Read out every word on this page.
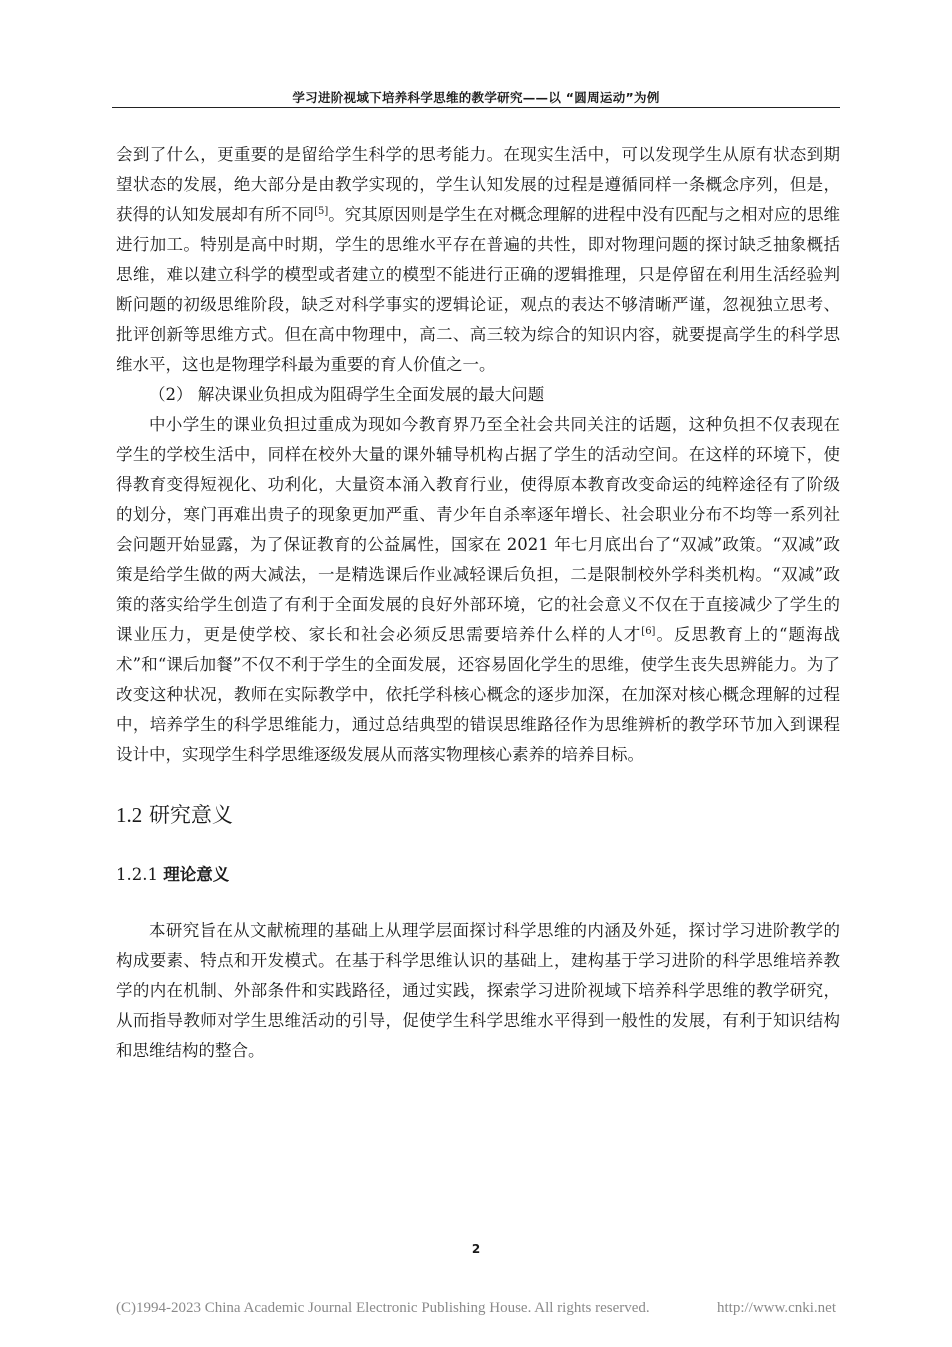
学习进阶视域下培养科学思维的教学研究——以 “圆周运动”为例

会到了什么，更重要的是留给学生科学的思考能力。在现实生活中，可以发现学生从原有状态到期望状态的发展，绝大部分是由教学实现的，学生认知发展的过程是遵循同样一条概念序列，但是，获得的认知发展却有所不同[5]。究其原因则是学生在对概念理解的进程中没有匹配与之相对应的思维进行加工。特别是高中时期，学生的思维水平存在普遍的共性，即对物理问题的探讨缺乏抽象概括思维，难以建立科学的模型或者建立的模型不能进行正确的逻辑推理，只是停留在利用生活经验判断问题的初级思维阶段，缺乏对科学事实的逻辑论证，观点的表达不够清晰严谨，忽视独立思考、批评创新等思维方式。但在高中物理中，高二、高三较为综合的知识内容，就要提高学生的科学思维水平，这也是物理学科最为重要的育人价值之一。

（2） 解决课业负担成为阻碍学生全面发展的最大问题

中小学生的课业负担过重成为现如今教育界乃至全社会共同关注的话题，这种负担不仅表现在学生的学校生活中，同样在校外大量的课外辅导机构占据了学生的活动空间。在这样的环境下，使得教育变得短视化、功利化，大量资本涌入教育行业，使得原本教育改变命运的纯粹途径有了阶级的划分，寒门再难出贵子的现象更加严重、青少年自杀率逐年增长、社会职业分布不均等一系列社会问题开始显露，为了保证教育的公益属性，国家在 2021 年七月底出台了“双减”政策。“双减”政策是给学生做的两大减法，一是精选课后作业减轻课后负担，二是限制校外学科类机构。“双减”政策的落实给学生创造了有利于全面发展的良好外部环境，它的社会意义不仅在于直接减少了学生的课业压力，更是使学校、家长和社会必须反思需要培养什么样的人才[6]。反思教育上的“题海战术”和“课后加餐”不仅不利于学生的全面发展，还容易固化学生的思维，使学生丧失思辨能力。为了改变这种状况，教师在实际教学中，依托学科核心概念的逐步加深，在加深对核心概念理解的过程中，培养学生的科学思维能力，通过总结典型的错误思维路径作为思维辨析的教学环节加入到课程设计中，实现学生科学思维逐级发展从而落实物理核心素养的培养目标。

1.2 研究意义
1.2.1 理论意义

本研究旨在从文献梳理的基础上从理学层面探讨科学思维的内涵及外延，探讨学习进阶教学的构成要素、特点和开发模式。在基于科学思维认识的基础上，建构基于学习进阶的科学思维培养教学的内在机制、外部条件和实践路径，通过实践，探索学习进阶视域下培养科学思维的教学研究，从而指导教师对学生思维活动的引导，促使学生科学思维水平得到一般性的发展，有利于知识结构和思维结构的整合。

2
(C)1994-2023 China Academic Journal Electronic Publishing House. All rights reserved.	http://www.cnki.net
